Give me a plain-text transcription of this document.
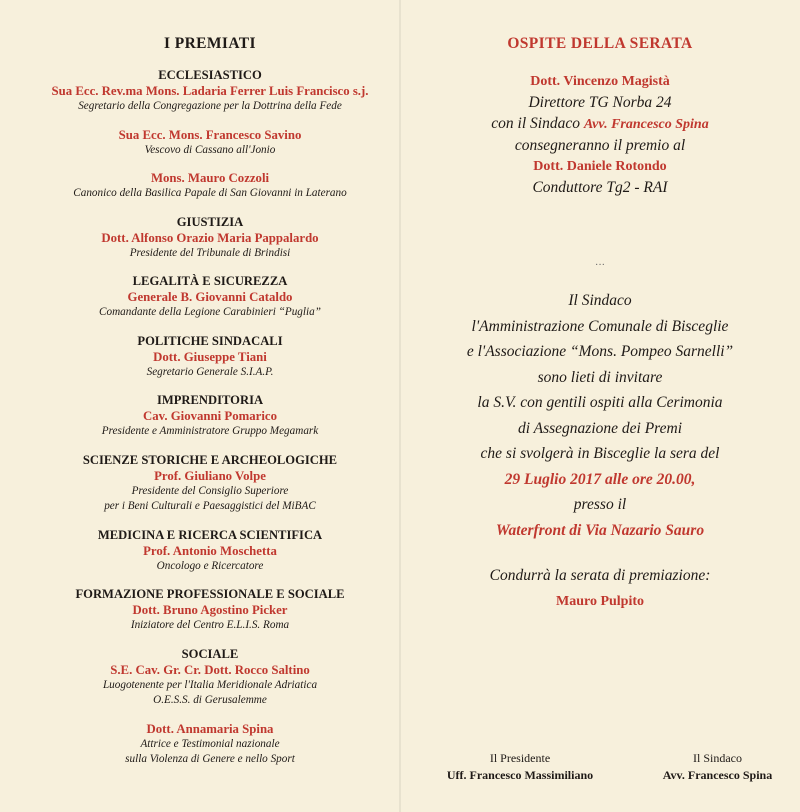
I PREMIATI
ECCLESIASTICO
Sua Ecc. Rev.ma Mons. Ladaria Ferrer Luis Francisco s.j.
Segretario della Congregazione per la Dottrina della Fede
Sua Ecc. Mons. Francesco Savino
Vescovo di Cassano all'Jonio
Mons. Mauro Cozzoli
Canonico della Basilica Papale di San Giovanni in Laterano
GIUSTIZIA
Dott. Alfonso Orazio Maria Pappalardo
Presidente del Tribunale di Brindisi
LEGALITÀ E SICUREZZA
Generale B. Giovanni Cataldo
Comandante della Legione Carabinieri “Puglia”
POLITICHE SINDACALI
Dott. Giuseppe Tiani
Segretario Generale S.I.A.P.
IMPRENDITORIA
Cav. Giovanni Pomarico
Presidente e Amministratore Gruppo Megamark
SCIENZE STORICHE E ARCHEOLOGICHE
Prof. Giuliano Volpe
Presidente del Consiglio Superiore
per i Beni Culturali e Paesaggistici del MiBAC
MEDICINA E RICERCA SCIENTIFICA
Prof. Antonio Moschetta
Oncologo e Ricercatore
FORMAZIONE PROFESSIONALE E SOCIALE
Dott. Bruno Agostino Picker
Iniziatore del Centro E.L.I.S. Roma
SOCIALE
S.E. Cav. Gr. Cr. Dott. Rocco Saltino
Luogotenente per l'Italia Meridionale Adriatica
O.E.S.S. di Gerusalemme
Dott. Annamaria Spina
Attrice e Testimonial nazionale
sulla Violenza di Genere e nello Sport
OSPITE DELLA SERATA
Dott. Vincenzo Magistà
Direttore TG Norba 24
con il Sindaco Avv. Francesco Spina
consegneranno il premio al
Dott. Daniele Rotondo
Conduttore Tg2 - RAI
···
Il Sindaco
l'Amministrazione Comunale di Bisceglie
e l'Associazione “Mons. Pompeo Sarnelli”
sono lieti di invitare
la S.V. con gentili ospiti alla Cerimonia
di Assegnazione dei Premi
che si svolgerà in Bisceglie la sera del
29 Luglio 2017 alle ore 20.00,
presso il
Waterfront di Via Nazario Sauro
Condurrà la serata di premiazione:
Mauro Pulpito
Il Presidente
Uff. Francesco Massimiliano
Il Sindaco
Avv. Francesco Spina
